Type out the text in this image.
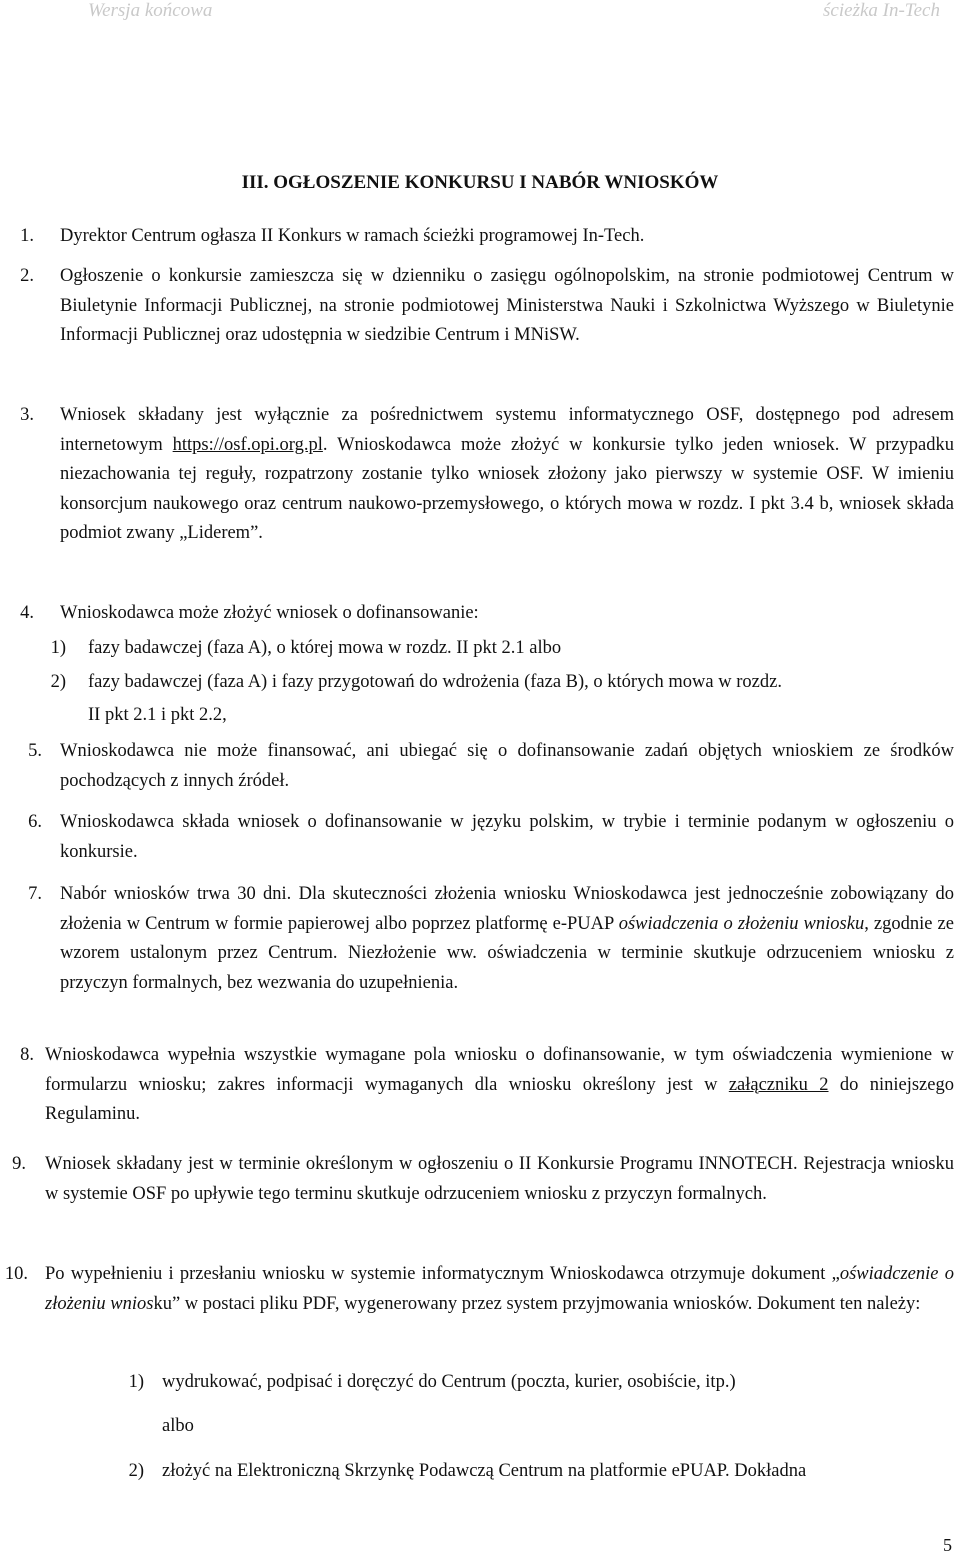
Wersja końcowa	ścieżka In-Tech
III. OGŁOSZENIE KONKURSU I NABÓR WNIOSKÓW
1. Dyrektor Centrum ogłasza II Konkurs w ramach ścieżki programowej In-Tech.
2. Ogłoszenie o konkursie zamieszcza się w dzienniku o zasięgu ogólnopolskim, na stronie podmiotowej Centrum w Biuletynie Informacji Publicznej, na stronie podmiotowej Ministerstwa Nauki i Szkolnictwa Wyższego w Biuletynie Informacji Publicznej oraz udostępnia w siedzibie Centrum i MNiSW.
3. Wniosek składany jest wyłącznie za pośrednictwem systemu informatycznego OSF, dostępnego pod adresem internetowym https://osf.opi.org.pl. Wnioskodawca może złożyć w konkursie tylko jeden wniosek. W przypadku niezachowania tej reguły, rozpatrzony zostanie tylko wniosek złożony jako pierwszy w systemie OSF. W imieniu konsorcjum naukowego oraz centrum naukowo-przemysłowego, o których mowa w rozdz. I pkt 3.4 b, wniosek składa podmiot zwany „Liderem”.
4. Wnioskodawca może złożyć wniosek o dofinansowanie:
1) fazy badawczej (faza A), o której mowa w rozdz. II pkt 2.1 albo
2) fazy badawczej (faza A) i fazy przygotowań do wdrożenia (faza B), o których mowa w rozdz.
II pkt 2.1 i pkt 2.2,
5. Wnioskodawca nie może finansować, ani ubiegać się o dofinansowanie zadań objętych wnioskiem ze środków pochodzących z innych źródeł.
6. Wnioskodawca składa wniosek o dofinansowanie w języku polskim, w trybie i terminie podanym w ogłoszeniu o konkursie.
7. Nabór wniosków trwa 30 dni. Dla skuteczności złożenia wniosku Wnioskodawca jest jednocześnie zobowiązany do złożenia w Centrum w formie papierowej albo poprzez platformę e-PUAP oświadczenia o złożeniu wniosku, zgodnie ze wzorem ustalonym przez Centrum. Niezłożenie ww. oświadczenia w terminie skutkuje odrzuceniem wniosku z przyczyn formalnych, bez wezwania do uzupełnienia.
8. Wnioskodawca wypełnia wszystkie wymagane pola wniosku o dofinansowanie, w tym oświadczenia wymienione w formularzu wniosku; zakres informacji wymaganych dla wniosku określony jest w załączniku 2 do niniejszego Regulaminu.
9. Wniosek składany jest w terminie określonym w ogłoszeniu o II Konkursie Programu INNOTECH. Rejestracja wniosku w systemie OSF po upływie tego terminu skutkuje odrzuceniem wniosku z przyczyn formalnych.
10. Po wypełnieniu i przesłaniu wniosku w systemie informatycznym Wnioskodawca otrzymuje dokument „oświadczenie o złożeniu wniosku” w postaci pliku PDF, wygenerowany przez system przyjmowania wniosków. Dokument ten należy:
1) wydrukować, podpisać i doręczyć do Centrum (poczta, kurier, osobiście, itp.)
albo
2) złożyć na Elektroniczną Skrzynkę Podawczą Centrum na platformie ePUAP. Dokładna
5
